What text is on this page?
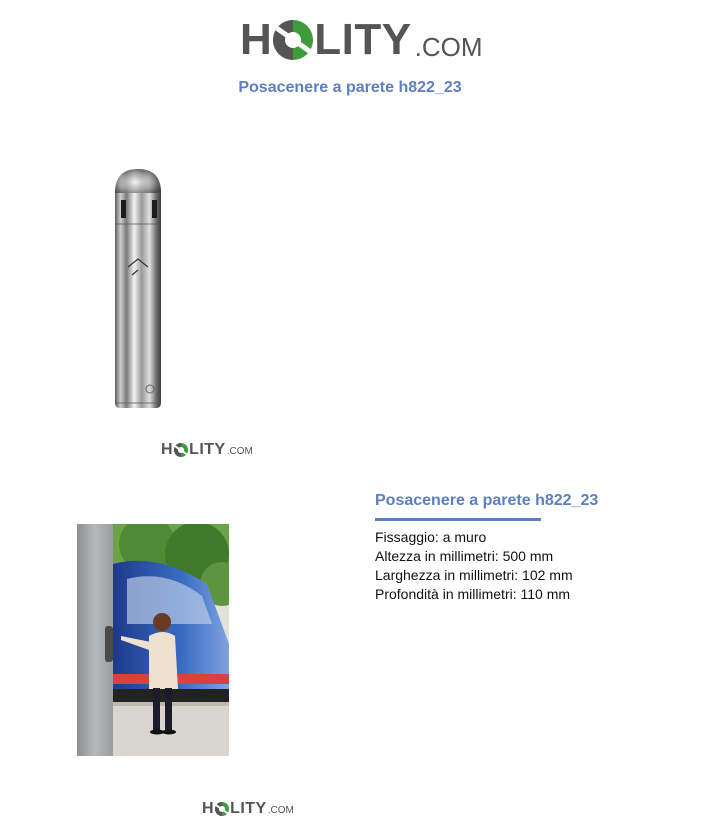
H LITY .COM
Posacenere a parete h822_23
H LITY .COM
H LITY .COM
Posacenere a parete h822_23
Fissaggio: a muro
Altezza in millimetri: 500 mm
Larghezza in millimetri: 102 mm
Profondità in millimetri: 110 mm
